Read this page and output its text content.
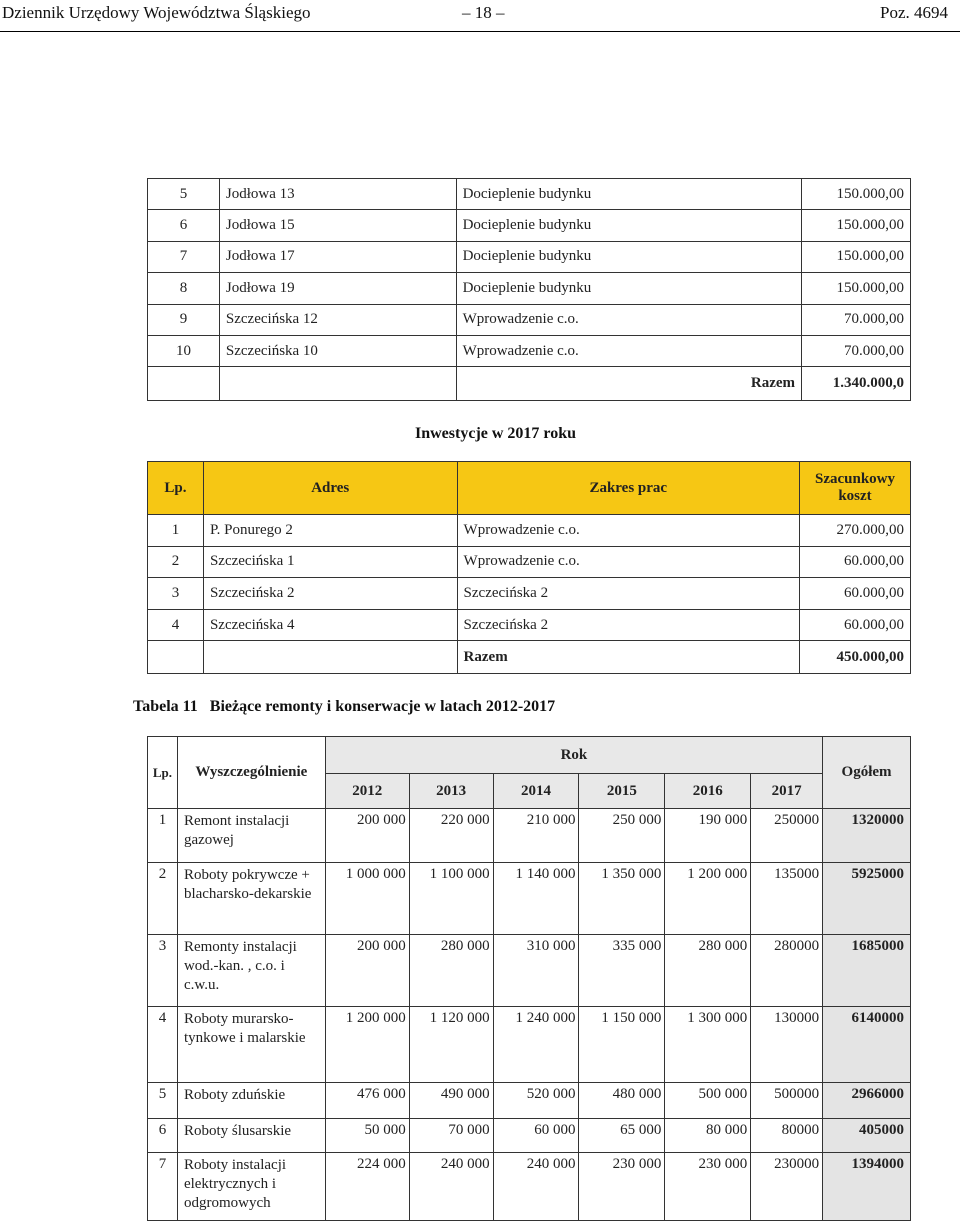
Dziennik Urzędowy Województwa Śląskiego	– 18 –	Poz. 4694
5	Jodłowa 13	Docieplenie budynku	150.000,00
6	Jodłowa 15	Docieplenie budynku	150.000,00
7	Jodłowa 17	Docieplenie budynku	150.000,00
8	Jodłowa 19	Docieplenie budynku	150.000,00
9	Szczecińska 12	Wprowadzenie c.o.	70.000,00
10	Szczecińska 10	Wprowadzenie c.o.	70.000,00
		Razem	1.340.000,0
Inwestycje w 2017 roku
Lp.	Adres	Zakres prac	Szacunkowy koszt
1	P. Ponurego 2	Wprowadzenie c.o.	270.000,00
2	Szczecińska 1	Wprowadzenie c.o.	60.000,00
3	Szczecińska 2	Szczecińska 2	60.000,00
4	Szczecińska 4	Szczecińska 2	60.000,00
		Razem	450.000,00
Tabela 11   Bieżące remonty i konserwacje w latach 2012-2017
Lp.	Wyszczególnienie	Rok						Ogółem
		2012	2013	2014	2015	2016	2017	
1	Remont instalacji gazowej	200 000	220 000	210 000	250 000	190 000	250000	1320000
2	Roboty pokrywcze + blacharsko-dekarskie	1 000 000	1 100 000	1 140 000	1 350 000	1 200 000	135000	5925000
3	Remonty instalacji wod.-kan. , c.o. i c.w.u.	200 000	280 000	310 000	335 000	280 000	280000	1685000
4	Roboty murarsko-tynkowe i malarskie	1 200 000	1 120 000	1 240 000	1 150 000	1 300 000	130000	6140000
5	Roboty zduńskie	476 000	490 000	520 000	480 000	500 000	500000	2966000
6	Roboty ślusarskie	50 000	70 000	60 000	65 000	80 000	80000	405000
7	Roboty instalacji elektrycznych i odgromowych	224 000	240 000	240 000	230 000	230 000	230000	1394000
